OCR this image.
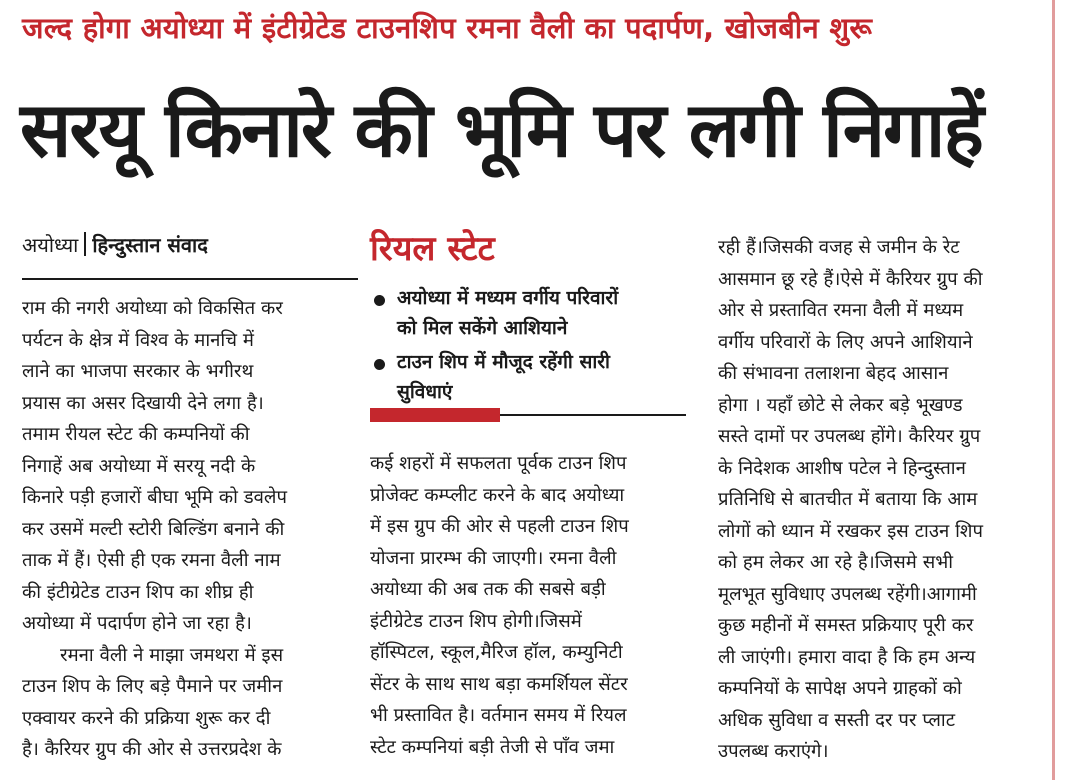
जल्द होगा अयोध्या में इंटीग्रेटेड टाउनशिप रमना वैली का पदार्पण, खोजबीन शुरू
सरयू किनारे की भूमि पर लगी निगाहें
अयोध्या हिन्दुस्तान संवाद
राम की नगरी अयोध्या को विकसित कर
पर्यटन के क्षेत्र में विश्व के मानचि में
लाने का भाजपा सरकार के भगीरथ
प्रयास का असर दिखायी देने लगा है।
तमाम रीयल स्टेट की कम्पनियों की
निगाहें अब अयोध्या में सरयू नदी के
किनारे पड़ी हजारों बीघा भूमि को डवलेप
कर उसमें मल्टी स्टोरी बिल्डिंग बनाने की
ताक में हैं। ऐसी ही एक रमना वैली नाम
की इंटीग्रेटेड टाउन शिप का शीघ्र ही
अयोध्या में पदार्पण होने जा रहा है।
रमना वैली ने माझा जमथरा में इस
टाउन शिप के लिए बड़े पैमाने पर जमीन
एक्वायर करने की प्रक्रिया शुरू कर दी
है। कैरियर ग्रुप की ओर से उत्तरप्रदेश के
रियल स्टेट
अयोध्या में मध्यम वर्गीय परिवारों
को मिल सकेंगे आशियाने
टाउन शिप में मौजूद रहेंगी सारी
सुविधाएं
कई शहरों में सफलता पूर्वक टाउन शिप
प्रोजेक्ट कम्प्लीट करने के बाद अयोध्या
में इस ग्रुप की ओर से पहली टाउन शिप
योजना प्रारम्भ की जाएगी। रमना वैली
अयोध्या की अब तक की सबसे बड़ी
इंटीग्रेटेड टाउन शिप होगी।जिसमें
हॉस्पिटल, स्कूल,मैरिज हॉल, कम्युनिटी
सेंटर के साथ साथ बड़ा कमर्शियल सेंटर
भी प्रस्तावित है। वर्तमान समय में रियल
स्टेट कम्पनियां बड़ी तेजी से पाँव जमा
रही हैं।जिसकी वजह से जमीन के रेट
आसमान छू रहे हैं।ऐसे में कैरियर ग्रुप की
ओर से प्रस्तावित रमना वैली में मध्यम
वर्गीय परिवारों के लिए अपने आशियाने
की संभावना तलाशना बेहद आसान
होगा । यहाँ छोटे से लेकर बड़े भूखण्ड
सस्ते दामों पर उपलब्ध होंगे। कैरियर ग्रुप
के निदेशक आशीष पटेल ने हिन्दुस्तान
प्रतिनिधि से बातचीत में बताया कि आम
लोगों को ध्यान में रखकर इस टाउन शिप
को हम लेकर आ रहे है।जिसमे सभी
मूलभूत सुविधाए उपलब्ध रहेंगी।आगामी
कुछ महीनों में समस्त प्रक्रियाए पूरी कर
ली जाएंगी। हमारा वादा है कि हम अन्य
कम्पनियों के सापेक्ष अपने ग्राहकों को
अधिक सुविधा व सस्ती दर पर प्लाट
उपलब्ध कराएंगे।
